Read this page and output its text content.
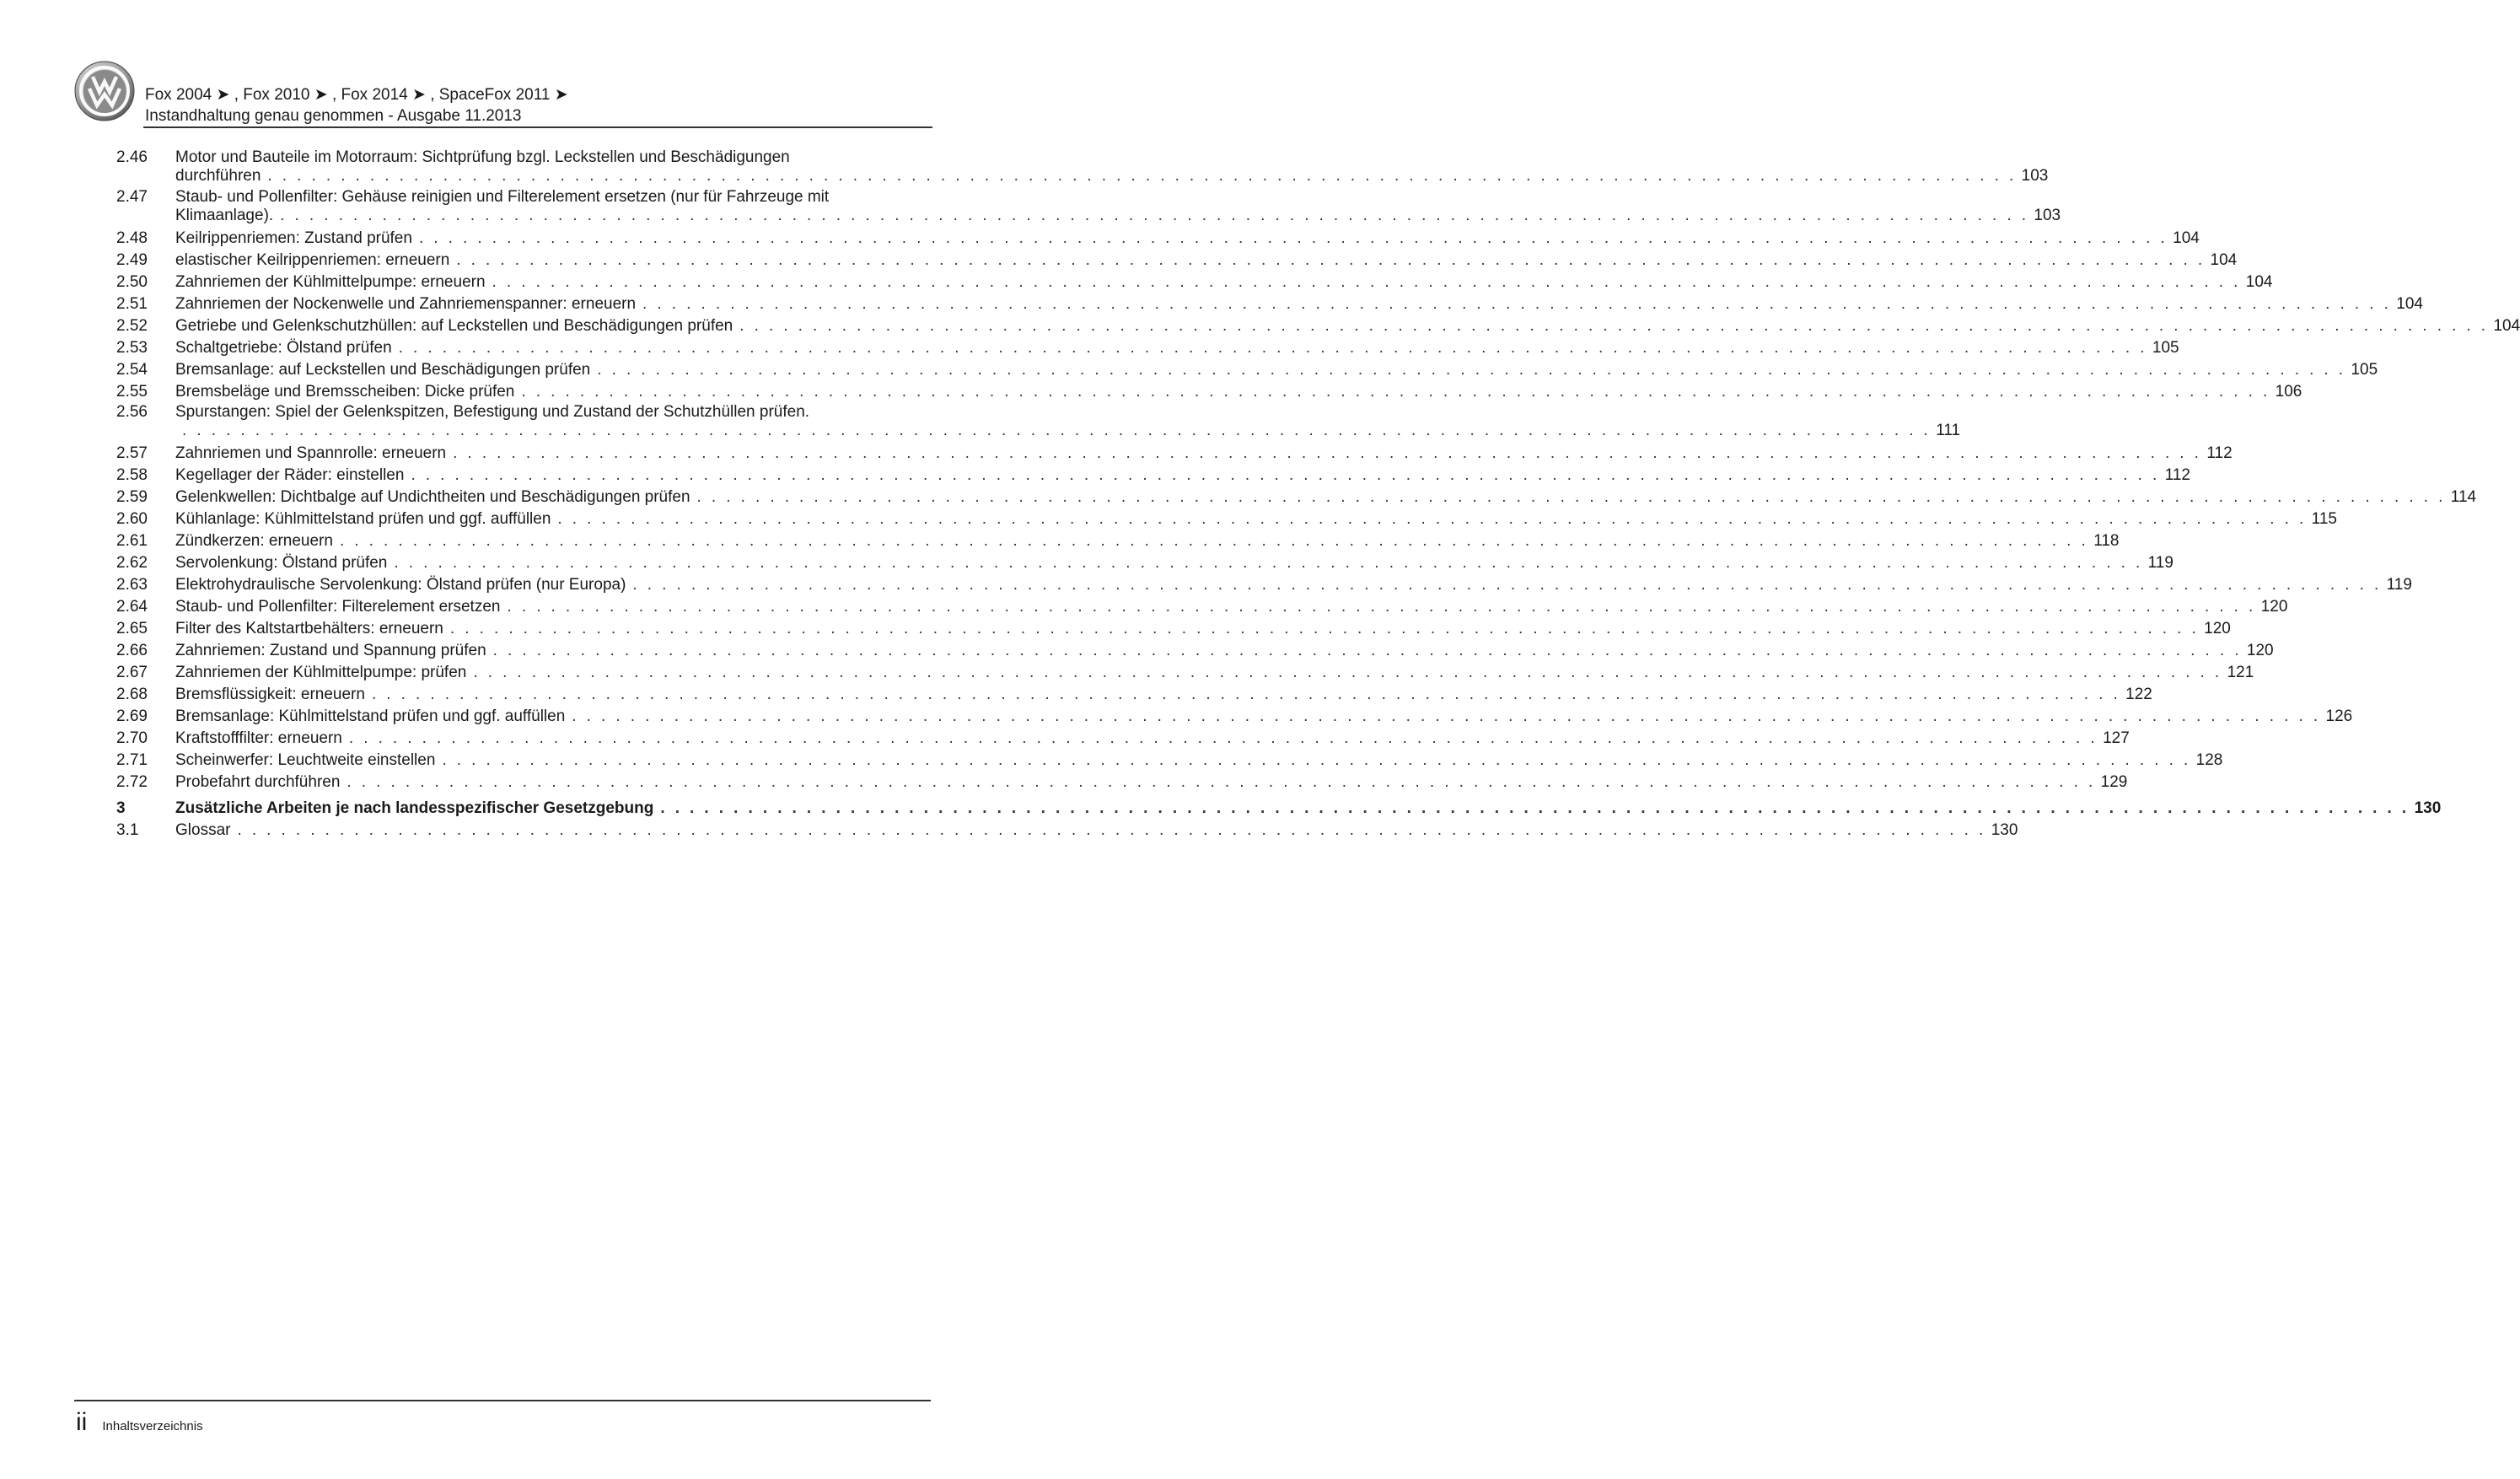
Fox 2004 ➤ , Fox 2010 ➤ , Fox 2014 ➤ , SpaceFox 2011 ➤
Instandhaltung genau genommen - Ausgabe 11.2013
2.46	Motor und Bauteile im Motorraum: Sichtprüfung bzgl. Leckstellen und Beschädigungen
durchführen . . . . . . . . . . . . . . . . . . . . . . . . . . . . . . . . . . . . . . . . . . . . . . . . . . . . . . . . . . . . . . . . . . . . . . . . . . . . . . . . . . . . . . . . . . . . . . . . . . . . . . . . . . . . . . . . . . . . . . . . 103
2.47	Staub- und Pollenfilter: Gehäuse reinigien und Filterelement ersetzen (nur für Fahrzeuge mit
Klimaanlage). . . . . . . . . . . . . . . . . . . . . . . . . . . . . . . . . . . . . . . . . . . . . . . . . . . . . . . . . . . . . . . . . . . . . . . . . . . . . . . . . . . . . . . . . . . . . . . . . . . . . . . . . . . . . . . . . . . . . . . . . 103
2.48	Keilrippenriemen: Zustand prüfen . . . . . . . . . . . . . . . . . . . . . . . . . . . . . . . . . . . . . . . . . . . . . . . . . . . . . . . . . . . . . . . . . . . . . . . . . . . . . . . . . . . . . . . . . . . . . . . . . . . . . . . . . . . . . . . . . . . . . . . . 104
2.49	elastischer Keilrippenriemen: erneuern . . . . . . . . . . . . . . . . . . . . . . . . . . . . . . . . . . . . . . . . . . . . . . . . . . . . . . . . . . . . . . . . . . . . . . . . . . . . . . . . . . . . . . . . . . . . . . . . . . . . . . . . . . . . . . . . . . . . . . . . 104
2.50	Zahnriemen der Kühlmittelpumpe: erneuern . . . . . . . . . . . . . . . . . . . . . . . . . . . . . . . . . . . . . . . . . . . . . . . . . . . . . . . . . . . . . . . . . . . . . . . . . . . . . . . . . . . . . . . . . . . . . . . . . . . . . . . . . . . . . . . . . . . . . . . . 104
2.51	Zahnriemen der Nockenwelle und Zahnriemenspanner: erneuern . . . . . . . . . . . . . . . . . . . . . . . . . . . . . . . . . . . . . . . . . . . . . . . . . . . . . . . . . . . . . . . . . . . . . . . . . . . . . . . . . . . . . . . . . . . . . . . . . . . . . . . . . . . . . . . . . . . . . . . . 104
2.52	Getriebe und Gelenkschutzhüllen: auf Leckstellen und Beschädigungen prüfen . . . . . . . . . . . . . . . . . . . . . . . . . . . . . . . . . . . . . . . . . . . . . . . . . . . . . . . . . . . . . . . . . . . . . . . . . . . . . . . . . . . . . . . . . . . . . . . . . . . . . . . . . . . . . . . . . . . . . . . . 104
2.53	Schaltgetriebe: Ölstand prüfen . . . . . . . . . . . . . . . . . . . . . . . . . . . . . . . . . . . . . . . . . . . . . . . . . . . . . . . . . . . . . . . . . . . . . . . . . . . . . . . . . . . . . . . . . . . . . . . . . . . . . . . . . . . . . . . . . . . . . . . . 105
2.54	Bremsanlage: auf Leckstellen und Beschädigungen prüfen . . . . . . . . . . . . . . . . . . . . . . . . . . . . . . . . . . . . . . . . . . . . . . . . . . . . . . . . . . . . . . . . . . . . . . . . . . . . . . . . . . . . . . . . . . . . . . . . . . . . . . . . . . . . . . . . . . . . . . . . 105
2.55	Bremsbeläge und Bremsscheiben: Dicke prüfen . . . . . . . . . . . . . . . . . . . . . . . . . . . . . . . . . . . . . . . . . . . . . . . . . . . . . . . . . . . . . . . . . . . . . . . . . . . . . . . . . . . . . . . . . . . . . . . . . . . . . . . . . . . . . . . . . . . . . . . . 106
2.56	Spurstangen: Spiel der Gelenkspitzen, Befestigung und Zustand der Schutzhüllen prüfen.
. . . . . . . . . . . . . . . . . . . . . . . . . . . . . . . . . . . . . . . . . . . . . . . . . . . . . . . . . . . . . . . . . . . . . . . . . . . . . . . . . . . . . . . . . . . . . . . . . . . . . . . . . . . . . . . . . . . . . . . . 111
2.57	Zahnriemen und Spannrolle: erneuern . . . . . . . . . . . . . . . . . . . . . . . . . . . . . . . . . . . . . . . . . . . . . . . . . . . . . . . . . . . . . . . . . . . . . . . . . . . . . . . . . . . . . . . . . . . . . . . . . . . . . . . . . . . . . . . . . . . . . . . . 112
2.58	Kegellager der Räder: einstellen . . . . . . . . . . . . . . . . . . . . . . . . . . . . . . . . . . . . . . . . . . . . . . . . . . . . . . . . . . . . . . . . . . . . . . . . . . . . . . . . . . . . . . . . . . . . . . . . . . . . . . . . . . . . . . . . . . . . . . . . 112
2.59	Gelenkwellen: Dichtbalge auf Undichtheiten und Beschädigungen prüfen . . . . . . . . . . . . . . . . . . . . . . . . . . . . . . . . . . . . . . . . . . . . . . . . . . . . . . . . . . . . . . . . . . . . . . . . . . . . . . . . . . . . . . . . . . . . . . . . . . . . . . . . . . . . . . . . . . . . . . . . 114
2.60	Kühlanlage: Kühlmittelstand prüfen und ggf. auffüllen . . . . . . . . . . . . . . . . . . . . . . . . . . . . . . . . . . . . . . . . . . . . . . . . . . . . . . . . . . . . . . . . . . . . . . . . . . . . . . . . . . . . . . . . . . . . . . . . . . . . . . . . . . . . . . . . . . . . . . . . 115
2.61	Zündkerzen: erneuern . . . . . . . . . . . . . . . . . . . . . . . . . . . . . . . . . . . . . . . . . . . . . . . . . . . . . . . . . . . . . . . . . . . . . . . . . . . . . . . . . . . . . . . . . . . . . . . . . . . . . . . . . . . . . . . . . . . . . . . . 118
2.62	Servolenkung: Ölstand prüfen . . . . . . . . . . . . . . . . . . . . . . . . . . . . . . . . . . . . . . . . . . . . . . . . . . . . . . . . . . . . . . . . . . . . . . . . . . . . . . . . . . . . . . . . . . . . . . . . . . . . . . . . . . . . . . . . . . . . . . . . 119
2.63	Elektrohydraulische Servolenkung: Ölstand prüfen (nur Europa) . . . . . . . . . . . . . . . . . . . . . . . . . . . . . . . . . . . . . . . . . . . . . . . . . . . . . . . . . . . . . . . . . . . . . . . . . . . . . . . . . . . . . . . . . . . . . . . . . . . . . . . . . . . . . . . . . . . . . . . . 119
2.64	Staub- und Pollenfilter: Filterelement ersetzen . . . . . . . . . . . . . . . . . . . . . . . . . . . . . . . . . . . . . . . . . . . . . . . . . . . . . . . . . . . . . . . . . . . . . . . . . . . . . . . . . . . . . . . . . . . . . . . . . . . . . . . . . . . . . . . . . . . . . . . . 120
2.65	Filter des Kaltstartbehälters: erneuern . . . . . . . . . . . . . . . . . . . . . . . . . . . . . . . . . . . . . . . . . . . . . . . . . . . . . . . . . . . . . . . . . . . . . . . . . . . . . . . . . . . . . . . . . . . . . . . . . . . . . . . . . . . . . . . . . . . . . . . . 120
2.66	Zahnriemen: Zustand und Spannung prüfen . . . . . . . . . . . . . . . . . . . . . . . . . . . . . . . . . . . . . . . . . . . . . . . . . . . . . . . . . . . . . . . . . . . . . . . . . . . . . . . . . . . . . . . . . . . . . . . . . . . . . . . . . . . . . . . . . . . . . . . . 120
2.67	Zahnriemen der Kühlmittelpumpe: prüfen . . . . . . . . . . . . . . . . . . . . . . . . . . . . . . . . . . . . . . . . . . . . . . . . . . . . . . . . . . . . . . . . . . . . . . . . . . . . . . . . . . . . . . . . . . . . . . . . . . . . . . . . . . . . . . . . . . . . . . . . 121
2.68	Bremsflüssigkeit: erneuern . . . . . . . . . . . . . . . . . . . . . . . . . . . . . . . . . . . . . . . . . . . . . . . . . . . . . . . . . . . . . . . . . . . . . . . . . . . . . . . . . . . . . . . . . . . . . . . . . . . . . . . . . . . . . . . . . . . . . . . . 122
2.69	Bremsanlage: Kühlmittelstand prüfen und ggf. auffüllen . . . . . . . . . . . . . . . . . . . . . . . . . . . . . . . . . . . . . . . . . . . . . . . . . . . . . . . . . . . . . . . . . . . . . . . . . . . . . . . . . . . . . . . . . . . . . . . . . . . . . . . . . . . . . . . . . . . . . . . . 126
2.70	Kraftstofffilter: erneuern . . . . . . . . . . . . . . . . . . . . . . . . . . . . . . . . . . . . . . . . . . . . . . . . . . . . . . . . . . . . . . . . . . . . . . . . . . . . . . . . . . . . . . . . . . . . . . . . . . . . . . . . . . . . . . . . . . . . . . . . 127
2.71	Scheinwerfer: Leuchtweite einstellen . . . . . . . . . . . . . . . . . . . . . . . . . . . . . . . . . . . . . . . . . . . . . . . . . . . . . . . . . . . . . . . . . . . . . . . . . . . . . . . . . . . . . . . . . . . . . . . . . . . . . . . . . . . . . . . . . . . . . . . . 128
2.72	Probefahrt durchführen . . . . . . . . . . . . . . . . . . . . . . . . . . . . . . . . . . . . . . . . . . . . . . . . . . . . . . . . . . . . . . . . . . . . . . . . . . . . . . . . . . . . . . . . . . . . . . . . . . . . . . . . . . . . . . . . . . . . . . . . 129
3	Zusätzliche Arbeiten je nach landesspezifischer Gesetzgebung . . . . . . . . . . . . . . . . . . . . . . . . . . . . . . . . . . . . . . . . . . . . . . . . . . . . . . . . . . . . . . . . . . . . . . . . . . . . . . . . . . . . . . . . . . . . . . . . . . . . . . . . . . . . . . . . . . . . . . . . 130
3.1	Glossar . . . . . . . . . . . . . . . . . . . . . . . . . . . . . . . . . . . . . . . . . . . . . . . . . . . . . . . . . . . . . . . . . . . . . . . . . . . . . . . . . . . . . . . . . . . . . . . . . . . . . . . . . . . . . . . . . . . . . . . . 130
ii Inhaltsverzeichnis
